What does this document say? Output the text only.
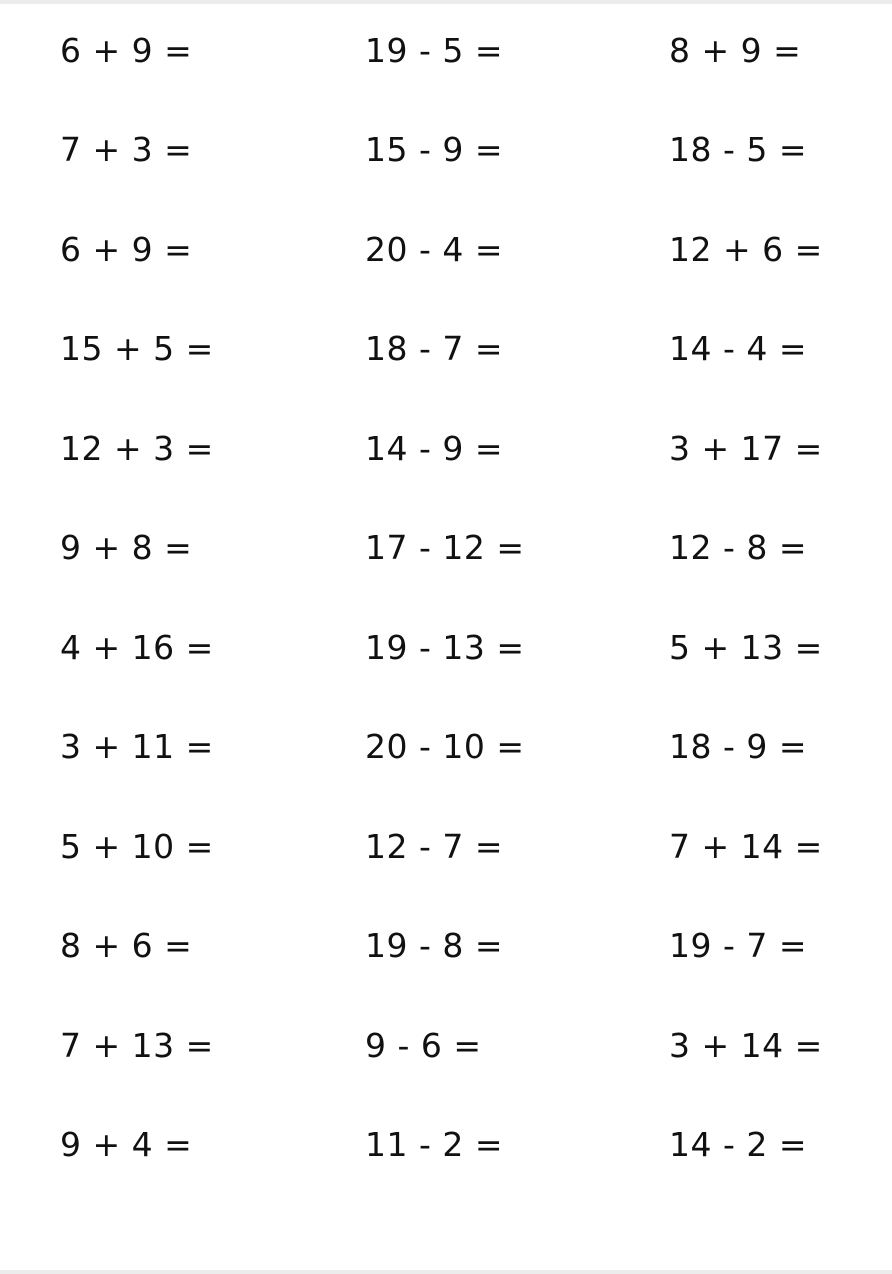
6 + 9 =	19 - 5 =	8 + 9 =
7 + 3 =	15 - 9 =	18 - 5 =
6 + 9 =	20 - 4 =	12 + 6 =
15 + 5 =	18 - 7 =	14 - 4 =
12 + 3 =	14 - 9 =	3 + 17 =
9 + 8 =	17 - 12 =	12 - 8 =
4 + 16 =	19 - 13 =	5 + 13 =
3 + 11 =	20 - 10 =	18 - 9 =
5 + 10 =	12 - 7 =	7 + 14 =
8 + 6 =	19 - 8 =	19 - 7 =
7 + 13 =	9 - 6 =	3 + 14 =
9 + 4 =	11 - 2 =	14 - 2 =
